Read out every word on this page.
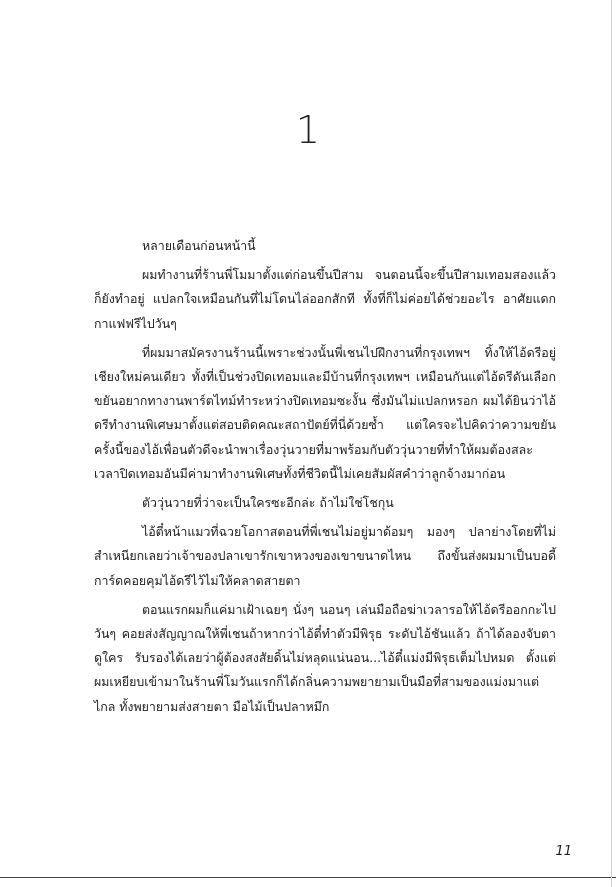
1

หลายเดือนก่อนหน้านี้

ผมทำงานที่ร้านพี่โมมาตั้งแต่ก่อนขึ้นปีสาม จนตอนนี้จะขึ้นปีสามเทอมสองแล้วก็ยังทำอยู่ แปลกใจเหมือนกันที่ไม่โดนไล่ออกสักที ทั้งที่ก็ไม่ค่อยได้ช่วยอะไร อาศัยแดกกาแฟฟรีไปวันๆ

ที่ผมมาสมัครงานร้านนี้เพราะช่วงนั้นพี่เชนไปฝึกงานที่กรุงเทพฯ ทิ้งให้ไอ้ดรีอยู่เชียงใหม่คนเดียว ทั้งที่เป็นช่วงปิดเทอมและมีบ้านที่กรุงเทพฯ เหมือนกันแต่ไอ้ดรีดันเลือกขยันอยากทางานพาร์ตไทม์ทำระหว่างปิดเทอมซะงั้น ซึ่งมันไม่แปลกหรอก ผมได้ยินว่าไอ้ดรีทำงานพิเศษมาตั้งแต่สอบติดคณะสถาปัตย์ที่นี่ด้วยซ้ำ แต่ใครจะไปคิดว่าความขยันครั้งนี้ของไอ้เพื่อนตัวดีจะนำพาเรื่องวุ่นวายที่มาพร้อมกับตัววุ่นวายที่ทำให้ผมต้องสละเวลาปิดเทอมอันมีค่ามาทำงานพิเศษทั้งที่ชีวิตนี้ไม่เคยสัมผัสคำว่าลูกจ้างมาก่อน

ตัววุ่นวายที่ว่าจะเป็นใครซะอีกล่ะ ถ้าไม่ใช่โชกุน

ไอ้ตี๋หน้าแมวที่ฉวยโอกาสตอนที่พี่เชนไม่อยู่มาด้อมๆ มองๆ ปลาย่างโดยที่ไม่สำเหนียกเลยว่าเจ้าของปลาเขารักเขาหวงของเขาขนาดไหน ถึงขั้นส่งผมมาเป็นบอดี้การ์ดคอยคุมไอ้ดรีไว้ไม่ให้คลาดสายตา

ตอนแรกผมก็แค่มาเฝ้าเฉยๆ นั่งๆ นอนๆ เล่นมือถือฆ่าเวลารอให้ไอ้ดรีออกกะไปวันๆ คอยส่งสัญญาณให้พี่เชนถ้าหากว่าไอ้ตี๋ทำตัวมีพิรุธ ระดับไอ้ชันแล้ว ถ้าได้ลองจับตาดูใคร รับรองได้เลยว่าผู้ต้องสงสัยดิ้นไม่หลุดแน่นอน...ไอ้ตี๋แม่งมีพิรุธเต็มไปหมด ตั้งแต่ผมเหยียบเข้ามาในร้านพี่โมวันแรกก็ได้กลิ่นความพยายามเป็นมือที่สามของแม่งมาแต่ไกล ทั้งพยายามส่งสายตา มือไม้เป็นปลาหมึก

11
